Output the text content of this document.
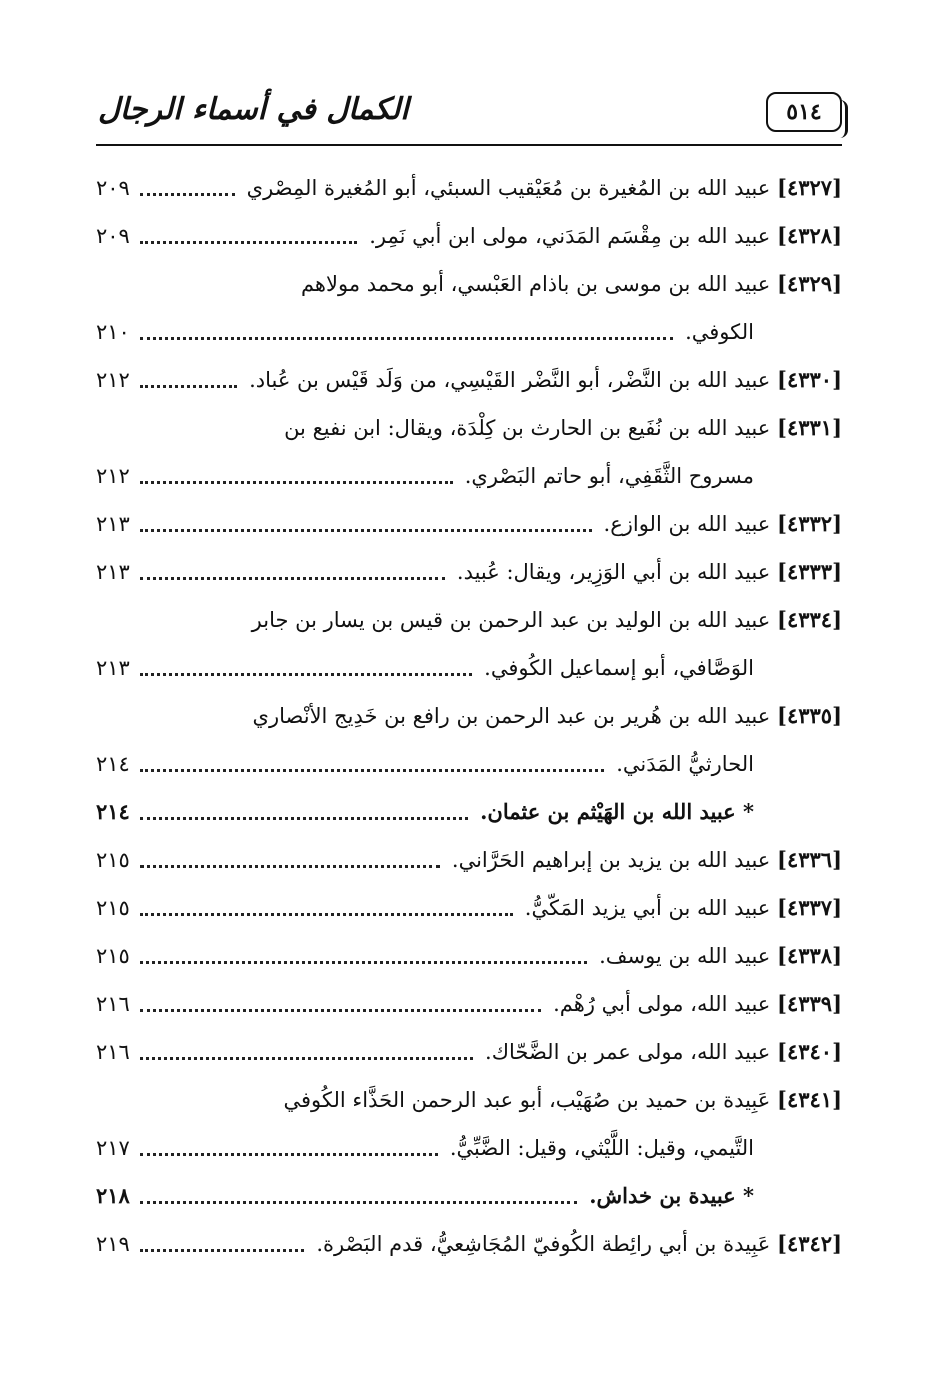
الكمال في أسماء الرجال	٥١٤
[٤٣٢٧] عبيد الله بن المُغيرة بن مُعَيْقيب السبئي، أبو المُغيرة المِصْري
٢٠٩
[٤٣٢٨] عبيد الله بن مِقْسَم المَدَني، مولى ابن أبي نَمِر.
٢٠٩
[٤٣٢٩] عبيد الله بن موسى بن باذام العَبْسي، أبو محمد مولاهم
الكوفي.
٢١٠
[٤٣٣٠] عبيد الله بن النَّضْر، أبو النَّضْر القَيْسِي، من وَلَد قَيْس بن عُباد.
٢١٢
[٤٣٣١] عبيد الله بن نُفَيع بن الحارث بن كِلْدَة، ويقال: ابن نفيع بن
مسروح الثَّقَفِي، أبو حاتم البَصْري.
٢١٢
[٤٣٣٢] عبيد الله بن الوازع.
٢١٣
[٤٣٣٣] عبيد الله بن أبي الوَزِير، ويقال: عُبيد.
٢١٣
[٤٣٣٤] عبيد الله بن الوليد بن عبد الرحمن بن قيس بن يسار بن جابر
الوَصَّافي، أبو إسماعيل الكُوفي.
٢١٣
[٤٣٣٥] عبيد الله بن هُرير بن عبد الرحمن بن رافع بن خَدِيج الأنْصاري
الحارثيُّ المَدَني.
٢١٤
* عبيد الله بن الهَيْثم بن عثمان.
٢١٤
[٤٣٣٦] عبيد الله بن يزيد بن إبراهيم الحَرَّاني.
٢١٥
[٤٣٣٧] عبيد الله بن أبي يزيد المَكّيُّ.
٢١٥
[٤٣٣٨] عبيد الله بن يوسف.
٢١٥
[٤٣٣٩] عبيد الله، مولى أبي رُهْم.
٢١٦
[٤٣٤٠] عبيد الله، مولى عمر بن الضَّحّاك.
٢١٦
[٤٣٤١] عَبِيدة بن حميد بن صُهَيْب، أبو عبد الرحمن الحَذَّاء الكُوفي
التَّيمي، وقيل: اللَّيْثي، وقيل: الضَّبِّيُّ.
٢١٧
* عبيدة بن خداش.
٢١٨
[٤٣٤٢] عَبِيدة بن أبي رائِطة الكُوفيّ المُجَاشِعيُّ، قدم البَصْرة.
٢١٩
